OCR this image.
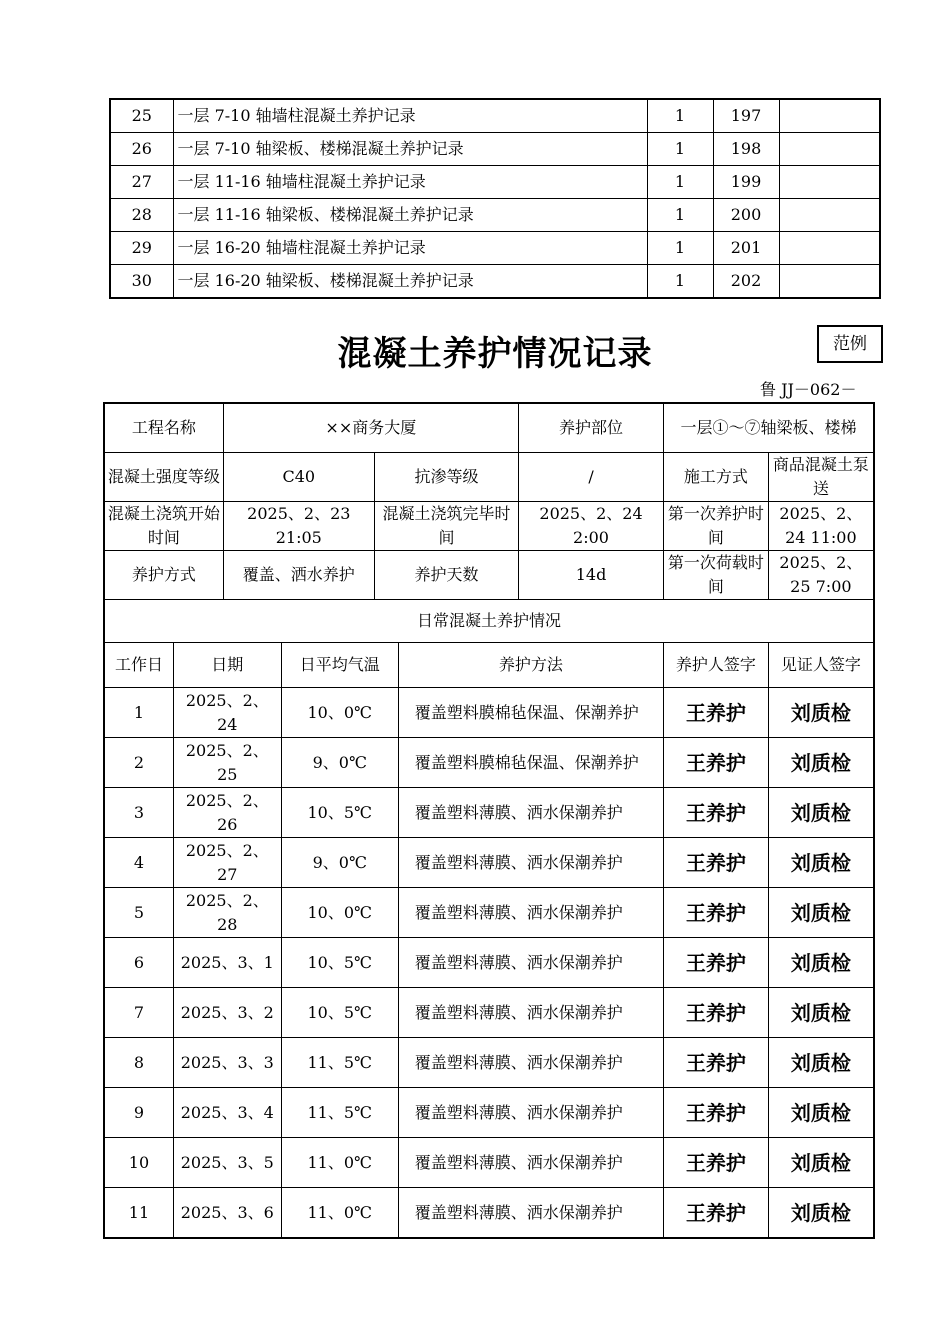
25	一层 7-10 轴墙柱混凝土养护记录	1	197	
26	一层 7-10 轴梁板、楼梯混凝土养护记录	1	198	
27	一层 11-16 轴墙柱混凝土养护记录	1	199	
28	一层 11-16 轴梁板、楼梯混凝土养护记录	1	200	
29	一层 16-20 轴墙柱混凝土养护记录	1	201	
30	一层 16-20 轴梁板、楼梯混凝土养护记录	1	202	
混凝土养护情况记录	范例
鲁 JJ－062－
工程名称		××商务大厦				养护部位	一层①～⑦轴梁板、楼梯	
混凝土强度等级		C40		抗渗等级		/	施工方式	商品混凝土泵送
混凝土浇筑开始时间		2025、2、23 21:05		混凝土浇筑完毕时间		2025、2、24 2:00	第一次养护时间	2025、2、24 11:00
养护方式		覆盖、洒水养护		养护天数		14d	第一次荷载时间	2025、2、25 7:00
日常混凝土养护情况								
工作日	日期		日平均气温		养护方法		养护人签字	见证人签字
1	2025、2、24		10、0℃		覆盖塑料膜棉毡保温、保潮养护		王养护	刘质检
2	2025、2、25		9、0℃		覆盖塑料膜棉毡保温、保潮养护		王养护	刘质检
3	2025、2、26		10、5℃		覆盖塑料薄膜、洒水保潮养护		王养护	刘质检
4	2025、2、27		9、0℃		覆盖塑料薄膜、洒水保潮养护		王养护	刘质检
5	2025、2、28		10、0℃		覆盖塑料薄膜、洒水保潮养护		王养护	刘质检
6	2025、3、1		10、5℃		覆盖塑料薄膜、洒水保潮养护		王养护	刘质检
7	2025、3、2		10、5℃		覆盖塑料薄膜、洒水保潮养护		王养护	刘质检
8	2025、3、3		11、5℃		覆盖塑料薄膜、洒水保潮养护		王养护	刘质检
9	2025、3、4		11、5℃		覆盖塑料薄膜、洒水保潮养护		王养护	刘质检
10	2025、3、5		11、0℃		覆盖塑料薄膜、洒水保潮养护		王养护	刘质检
11	2025、3、6		11、0℃		覆盖塑料薄膜、洒水保潮养护		王养护	刘质检
